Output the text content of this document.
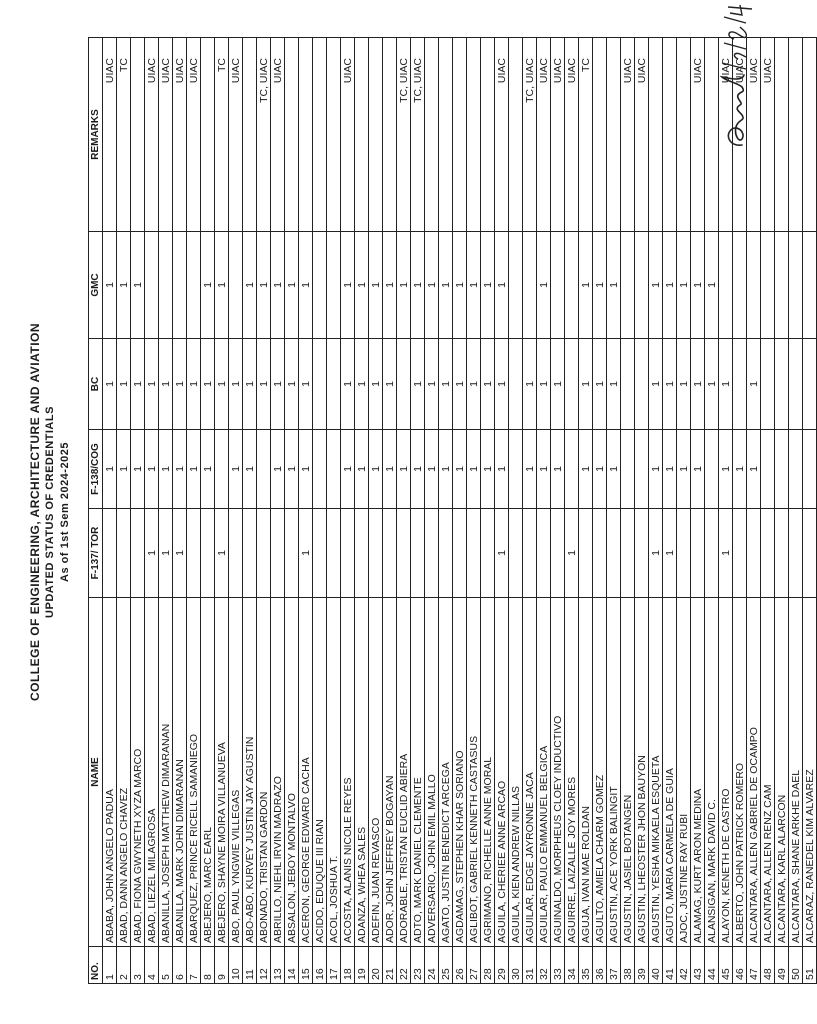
COLLEGE OF ENGINEERING, ARCHITECTURE AND AVIATION UPDATED STATUS OF CREDENTIALS As of 1st Sem 2024-2025
NO.	NAME	F-137/ TOR	F-138/COG	BC	GMC	REMARKS
1	ABABA, JOHN ANGELO PADUA		1	1	1	UIAC
2	ABAD, DANN ANGELO CHAVEZ		1	1	1	TC
3	ABAD, FIONA GWYNETH XYZA MARCO		1	1	1	
4	ABAD, LIEZEL MILAGROSA	1	1	1		UIAC
5	ABANILLA, JOSEPH MATTHEW DIMARANAN	1	1	1		UIAC
6	ABANILLA, MARK JOHN DIMARANAN	1	1	1		UIAC
7	ABARQUEZ, PRINCE RICELL SAMANIEGO		1	1		UIAC
8	ABEJERO, MARC EARL		1	1	1	
9	ABEJERO, SHAYNE MOIRA VILLANUEVA	1		1	1	TC
10	ABO, PAUL YNGWIE VILLEGAS		1	1		UIAC
11	ABO-ABO, KURVEY JUSTIN JAY AGUSTIN		1	1	1	
12	ABONADO, TRISTAN GARDON			1	1	TC, UIAC
13	ABRILLO, NIEHL IRVIN MADRAZO		1	1	1	UIAC
14	ABSALON, JEBOY MONTALVO		1	1	1	
15	ACERON, GEORGE EDWARD CACHA	1	1	1	1	
16	ACIDO, EDUQUE III RIAN					
17	ACOL, JOSHUA T.					
18	ACOSTA, ALANIS NICOLE REYES		1	1	1	UIAC
19	ADANZA, WHEA SALES		1	1	1	
20	ADEFIN, JUAN REVASCO		1	1	1	
21	ADOR, JOHN JEFFREY BOGAYAN		1	1	1	
22	ADORABLE, TRISTAN EUCLID ABIERA		1		1	TC, UIAC
23	ADTO, MARK DANIEL CLEMENTE		1	1	1	TC, UIAC
24	ADVERSARIO, JOHN EMIL MALLO		1	1	1	
25	AGATO, JUSTIN BENEDICT ARCEGA		1	1	1	
26	AGDAMAG, STEPHEN KHAR SORIANO		1	1	1	
27	AGLIBOT, GABRIEL KENNETH CASTASUS		1	1	1	
28	AGRIMANO, RICHELLE ANNE MORAL		1	1	1	
29	AGUILA, CHERIEE ANNE ARCAO	1	1	1	1	UIAC
30	AGUILA, KIEN ANDREW NILLAS					
31	AGUILAR, EDGE JAYRONNE JACA		1	1		TC, UIAC
32	AGUILAR, PAULO EMMANUEL BELGICA		1	1	1	UIAC
33	AGUINALDO, MORPHEUS CLOEY INDUCTIVO		1	1		UIAC
34	AGUIRRE, LAIZALLE JOY MORES	1				UIAC
35	AGUJA, IVAN MAE ROLDAN		1	1	1	TC
36	AGULTO, AMIELA CHARM GOMEZ		1	1	1	
37	AGUSTIN, ACE YORK BALINGIT		1	1	1	
38	AGUSTIN, JASIEL BOTANGEN					UIAC
39	AGUSTIN, LHEOSTER JHON BAUYON					UIAC
40	AGUSTIN, YESHA MIKAELA ESQUETA	1	1	1	1	
41	AGUTO, MARIA CARMELA DE GUIA	1	1	1	1	
42	AJOC, JUSTINE RAY RUBI		1	1	1	
43	ALAMAG, KURT ARON MEDINA		1	1	1	UIAC
44	ALANSIGAN, MARK DAVID C.			1	1	
45	ALAYON, KENETH DE CASTRO	1	1	1		UIAC
46	ALBERTO, JOHN PATRICK ROMERO		1			UIAC
47	ALCANTARA, ALLEN GABRIEL DE OCAMPO		1	1		UIAC
48	ALCANTARA, ALLEN RENZ CAM					UIAC
49	ALCANTARA, KARL ALARCON					
50	ALCANTARA, SHANE ARKHE DAEL					
51	ALCARAZ, RANEDEL KIM ALVAREZ					
